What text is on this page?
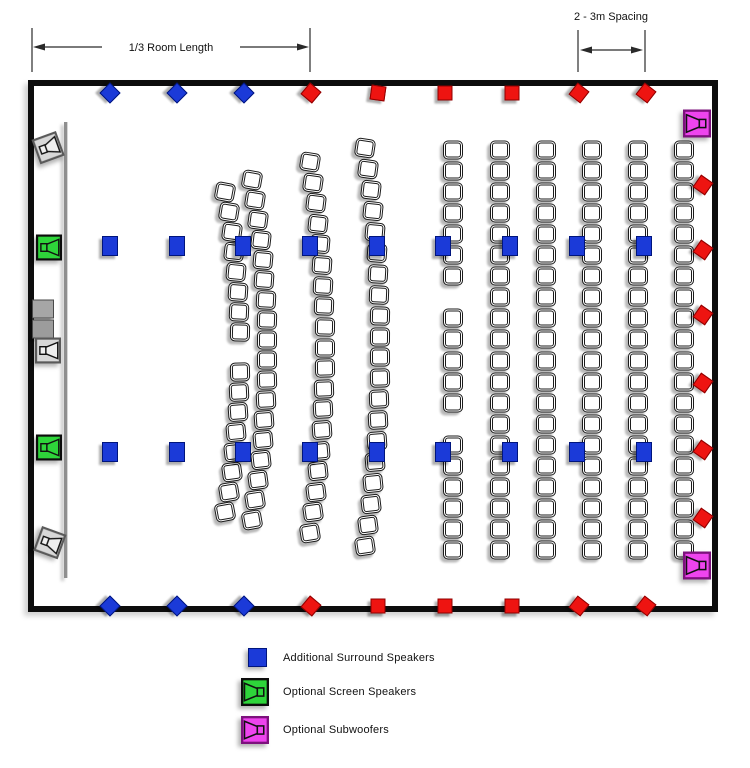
1/3 Room Length
2 - 3m Spacing
Additional Surround Speakers
Optional Screen Speakers
Optional Subwoofers
